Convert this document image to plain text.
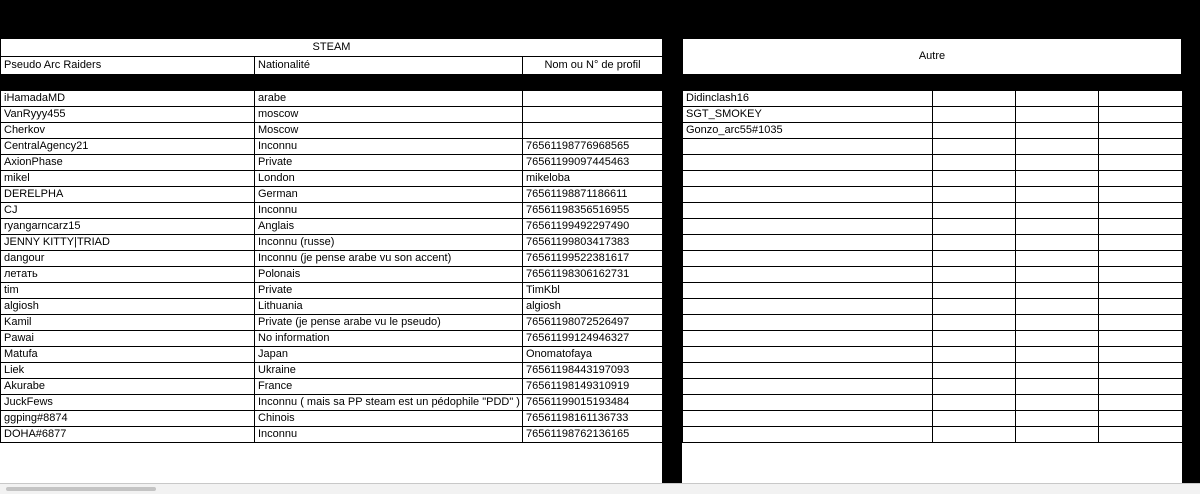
STEAM
Pseudo Arc Raiders	Nationalité	Nom ou N° de profil
Autre
iHamadaMD	arabe	
VanRyyy455	moscow	
Cherkov	Moscow	
CentralAgency21	Inconnu	76561198776968565
AxionPhase	Private	76561199097445463
mikel	London	mikeloba
DERELPHA	German	76561198871186611
CJ	Inconnu	76561198356516955
ryangarncarz15	Anglais	76561199492297490
JENNY KITTY|TRIAD	Inconnu (russe)	76561199803417383
dangour	Inconnu (je pense arabe vu son accent)	76561199522381617
летать	Polonais	76561198306162731
tim	Private	TimKbl
algiosh	Lithuania	algiosh
Kamil	Private (je pense arabe vu le pseudo)	76561198072526497
Pawai	No information	76561199124946327
Matufa	Japan	Onomatofaya
Liek	Ukraine	76561198443197093
Akurabe	France	76561198149310919
JuckFews	Inconnu ( mais sa PP steam est un pédophile "PDD" )	76561199015193484
ggping#8874	Chinois	76561198161136733
DOHA#6877	Inconnu	76561198762136165
Didinclash16			
SGT_SMOKEY			
Gonzo_arc55#1035			
